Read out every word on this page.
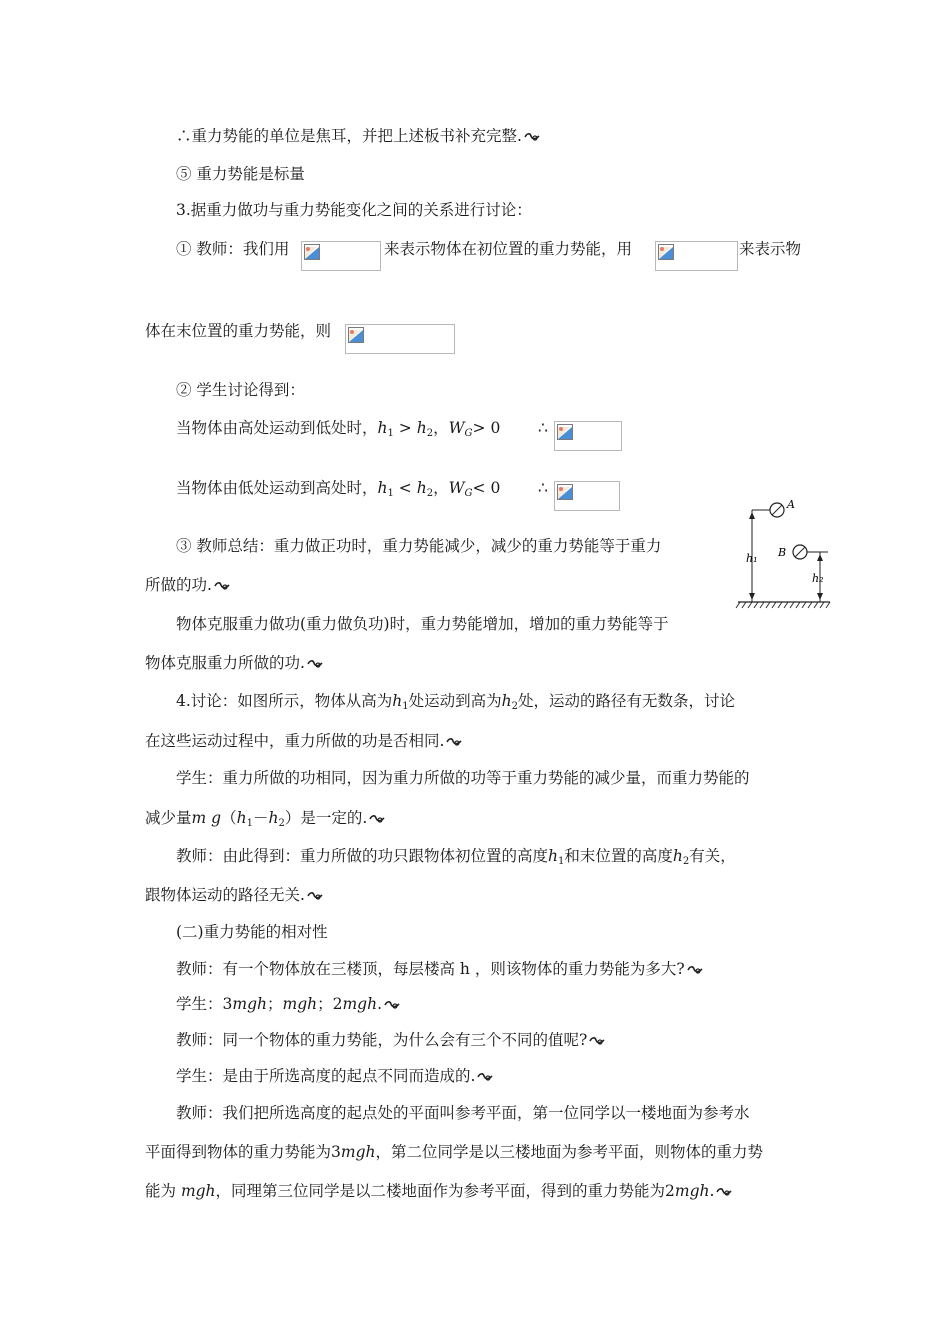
∴重力势能的单位是焦耳，并把上述板书补充完整.
⑤ 重力势能是标量
3.据重力做功与重力势能变化之间的关系进行讨论：
① 教师：我们用	来表示物体在初位置的重力势能，用	来表示物
体在末位置的重力势能，则
② 学生讨论得到：
当物体由高处运动到低处时，$h_1 > h_2$，$W_G> 0$ ∴
当物体由低处运动到高处时，$h_1 < h_2$，$W_G< 0$ ∴
③ 教师总结：重力做正功时，重力势能减少，减少的重力势能等于重力
所做的功.
物体克服重力做功(重力做负功)时，重力势能增加，增加的重力势能等于
物体克服重力所做的功.
A
B
h₁
h₂
4.讨论：如图所示，物体从高为$h_1$处运动到高为$h_2$处，运动的路径有无数条，讨论
在这些运动过程中，重力所做的功是否相同.
学生：重力所做的功相同，因为重力所做的功等于重力势能的减少量，而重力势能的
减少量m $g(h_1-h_2)$是一定的.
教师：由此得到：重力所做的功只跟物体初位置的高度$h_1$和末位置的高度$h_2$有关，
跟物体运动的路径无关.
(二)重力势能的相对性
教师：有一个物体放在三楼顶，每层楼高 h ，则该物体的重力势能为多大?
学生：3mgh；mgh；2mgh.
教师：同一个物体的重力势能，为什么会有三个不同的值呢?
学生：是由于所选高度的起点不同而造成的.
教师：我们把所选高度的起点处的平面叫参考平面，第一位同学以一楼地面为参考水
平面得到物体的重力势能为3mgh，第二位同学是以三楼地面为参考平面，则物体的重力势
能为 mgh，同理第三位同学是以二楼地面作为参考平面，得到的重力势能为2mgh.
